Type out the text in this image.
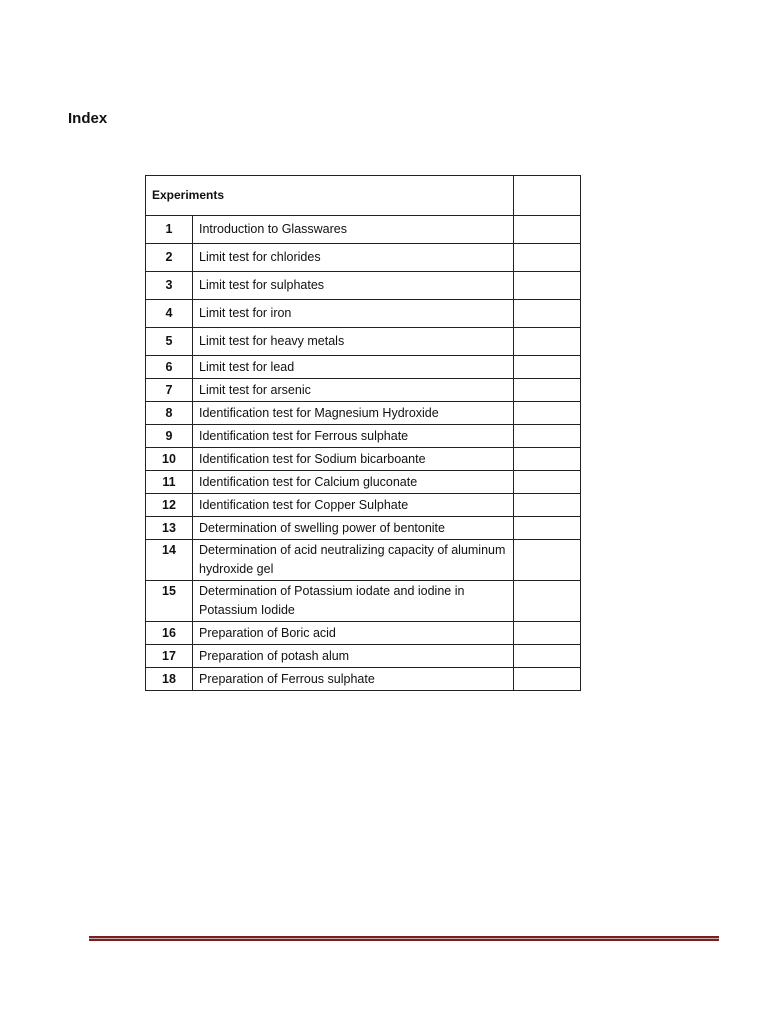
Index
Experiments		
1	Introduction to Glasswares	
2	Limit test for chlorides	
3	Limit test for sulphates	
4	Limit test for iron	
5	Limit test for heavy metals	
6	Limit test for lead	
7	Limit test for arsenic	
8	Identification test for Magnesium Hydroxide	
9	Identification test for Ferrous sulphate	
10	Identification test for Sodium bicarboante	
11	Identification test for Calcium gluconate	
12	Identification test for Copper Sulphate	
13	Determination of swelling power of bentonite	
14	Determination of acid neutralizing capacity of aluminum hydroxide gel	
15	Determination of Potassium iodate and iodine in Potassium Iodide	
16	Preparation of Boric acid	
17	Preparation of potash alum	
18	Preparation of Ferrous sulphate	
